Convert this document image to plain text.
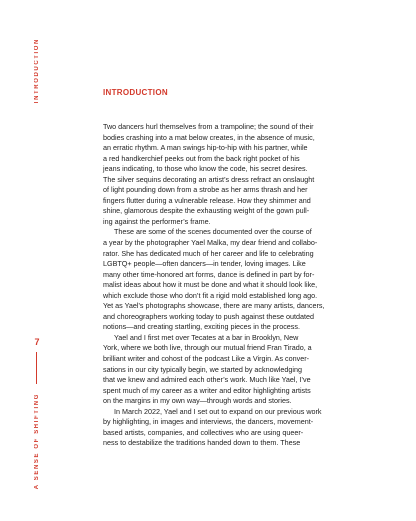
INTRODUCTION
7
A SENSE OF SHIFTING
INTRODUCTION
Two dancers hurl themselves from a trampoline; the sound of their
bodies crashing into a mat below creates, in the absence of music,
an erratic rhythm. A man swings hip-to-hip with his partner, while
a red handkerchief peeks out from the back right pocket of his
jeans indicating, to those who know the code, his secret desires.
The silver sequins decorating an artist’s dress refract an onslaught
of light pounding down from a strobe as her arms thrash and her
fingers flutter during a vulnerable release. How they shimmer and
shine, glamorous despite the exhausting weight of the gown pull-
ing against the performer’s frame.
These are some of the scenes documented over the course of
a year by the photographer Yael Malka, my dear friend and collabo-
rator. She has dedicated much of her career and life to celebrating
LGBTQ+ people—often dancers—in tender, loving images. Like
many other time-honored art forms, dance is defined in part by for-
malist ideas about how it must be done and what it should look like,
which exclude those who don’t fit a rigid mold established long ago.
Yet as Yael’s photographs showcase, there are many artists, dancers,
and choreographers working today to push against these outdated
notions—and creating startling, exciting pieces in the process.
Yael and I first met over Tecates at a bar in Brooklyn, New
York, where we both live, through our mutual friend Fran Tirado, a
brilliant writer and cohost of the podcast Like a Virgin. As conver-
sations in our city typically begin, we started by acknowledging
that we knew and admired each other’s work. Much like Yael, I’ve
spent much of my career as a writer and editor highlighting artists
on the margins in my own way—through words and stories.
In March 2022, Yael and I set out to expand on our previous work
by highlighting, in images and interviews, the dancers, movement-
based artists, companies, and collectives who are using queer-
ness to destabilize the traditions handed down to them. These
